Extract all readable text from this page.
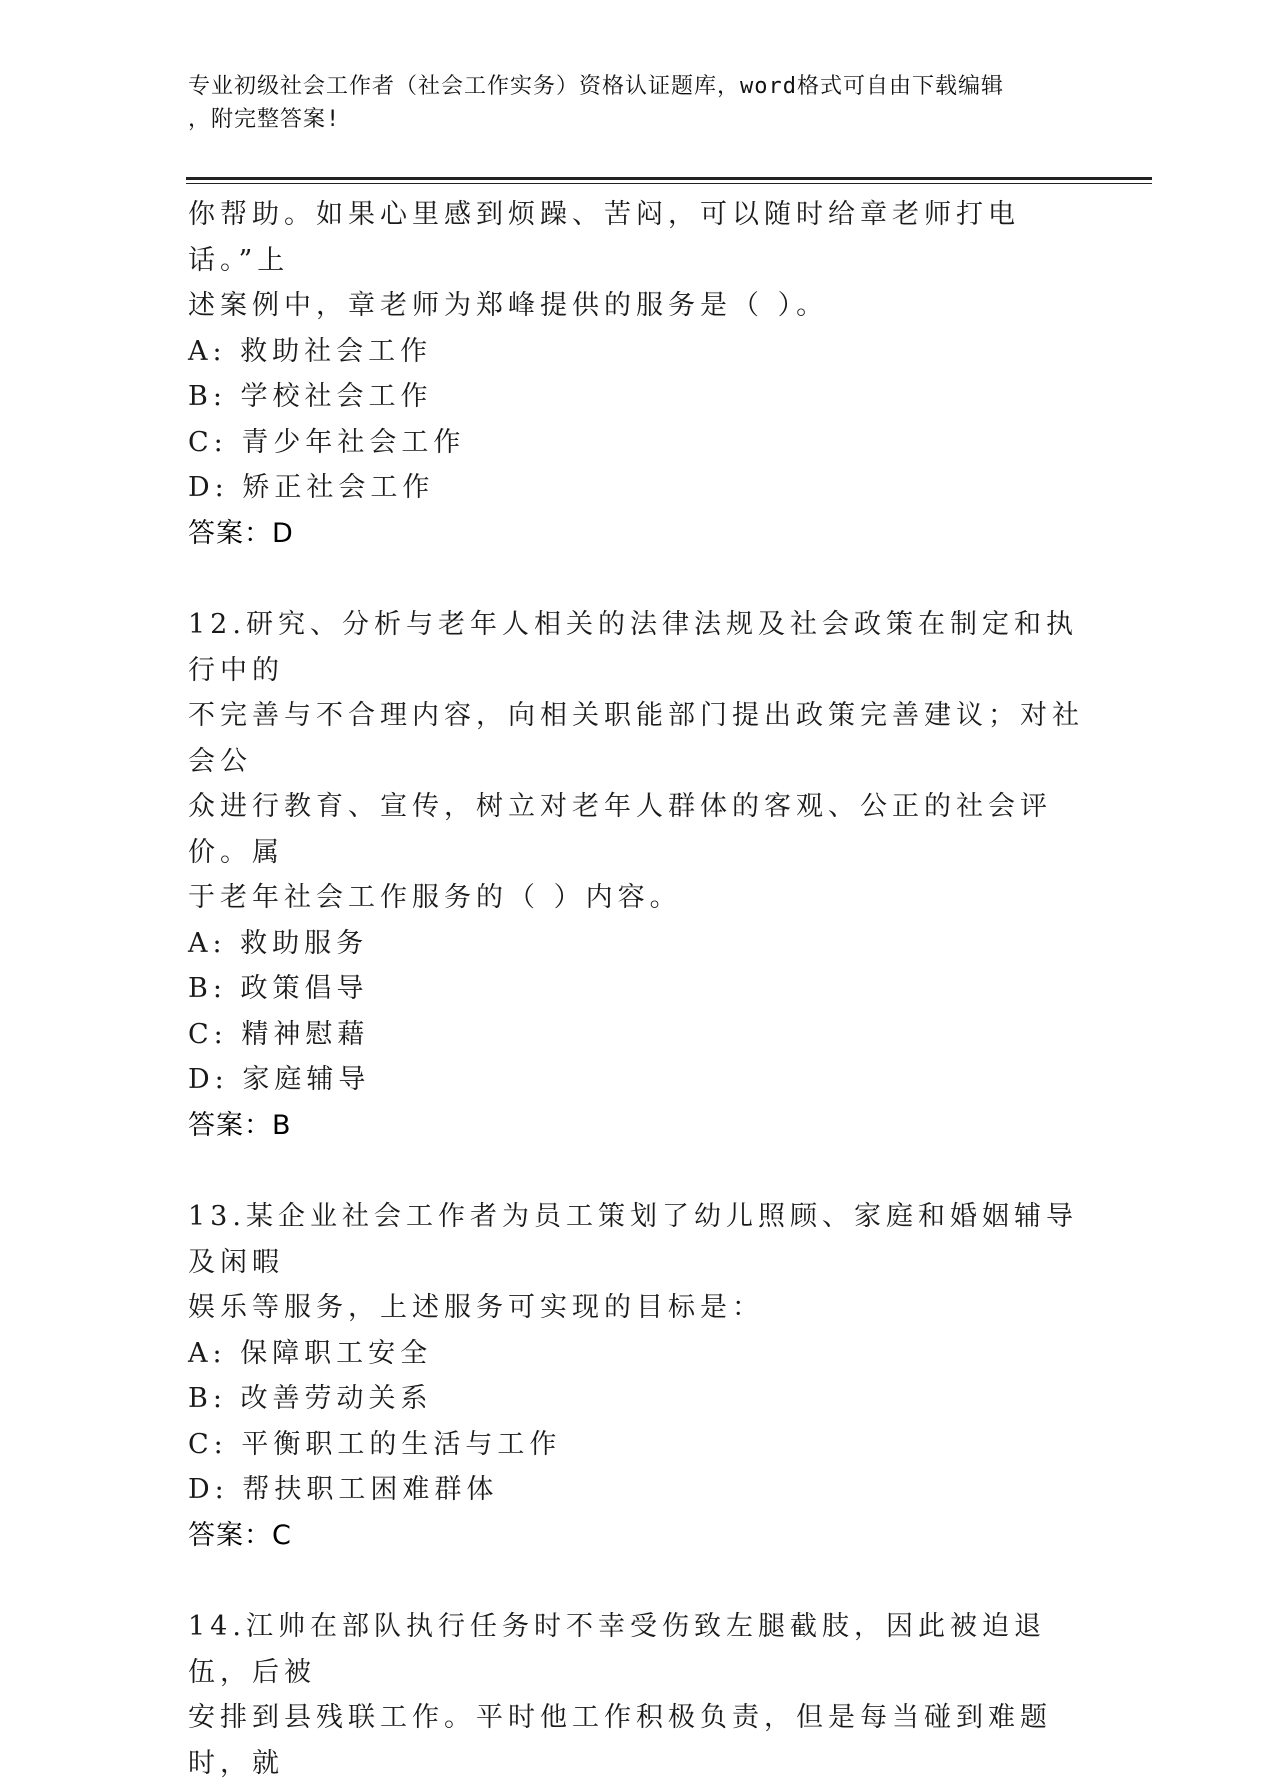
专业初级社会工作者（社会工作实务）资格认证题库，word格式可自由下载编辑
，附完整答案!

你帮助。如果心里感到烦躁、苦闷，可以随时给章老师打电话。”上

述案例中，章老师为郑峰提供的服务是（ ）。

A: 救助社会工作

B: 学校社会工作

C: 青少年社会工作

D: 矫正社会工作

答案：D

12.研究、分析与老年人相关的法律法规及社会政策在制定和执行中的

不完善与不合理内容，向相关职能部门提出政策完善建议；对社会公

众进行教育、宣传，树立对老年人群体的客观、公正的社会评价。属

于老年社会工作服务的（ ）内容。

A: 救助服务

B: 政策倡导

C: 精神慰藉

D: 家庭辅导

答案：B

13.某企业社会工作者为员工策划了幼儿照顾、家庭和婚姻辅导及闲暇

娱乐等服务，上述服务可实现的目标是：

A: 保障职工安全

B: 改善劳动关系

C: 平衡职工的生活与工作

D: 帮扶职工困难群体

答案：C

14.江帅在部队执行任务时不幸受伤致左腿截肢，因此被迫退伍，后被

安排到县残联工作。平时他工作积极负责，但是每当碰到难题时，就
